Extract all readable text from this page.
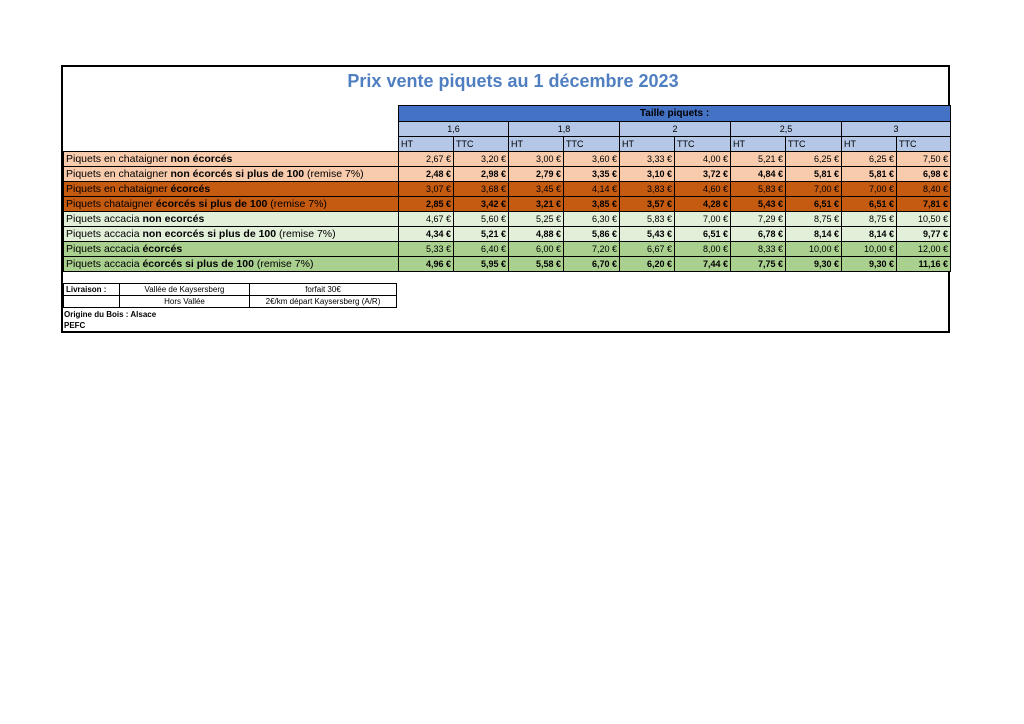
Prix vente piquets au 1 décembre 2023
	Taille piquets :									
	1,6		1,8		2		2,5		3	
	HT	TTC	HT	TTC	HT	TTC	HT	TTC	HT	TTC
Piquets en chataigner non écorcés	2,67 €	3,20 €	3,00 €	3,60 €	3,33 €	4,00 €	5,21 €	6,25 €	6,25 €	7,50 €
Piquets en chataigner non écorcés si plus de 100 (remise 7%)	2,48 €	2,98 €	2,79 €	3,35 €	3,10 €	3,72 €	4,84 €	5,81 €	5,81 €	6,98 €
Piquets en chataigner écorcés	3,07 €	3,68 €	3,45 €	4,14 €	3,83 €	4,60 €	5,83 €	7,00 €	7,00 €	8,40 €
Piquets chataigner écorcés si plus de 100 (remise 7%)	2,85 €	3,42 €	3,21 €	3,85 €	3,57 €	4,28 €	5,43 €	6,51 €	6,51 €	7,81 €
Piquets accacia non ecorcés	4,67 €	5,60 €	5,25 €	6,30 €	5,83 €	7,00 €	7,29 €	8,75 €	8,75 €	10,50 €
Piquets accacia non ecorcés si plus de 100 (remise 7%)	4,34 €	5,21 €	4,88 €	5,86 €	5,43 €	6,51 €	6,78 €	8,14 €	8,14 €	9,77 €
Piquets accacia écorcés	5,33 €	6,40 €	6,00 €	7,20 €	6,67 €	8,00 €	8,33 €	10,00 €	10,00 €	12,00 €
Piquets accacia écorcés si plus de 100 (remise 7%)	4,96 €	5,95 €	5,58 €	6,70 €	6,20 €	7,44 €	7,75 €	9,30 €	9,30 €	11,16 €
Livraison :	Vallée de Kaysersberg	forfait 30€
	Hors Vallée	2€/km départ Kaysersberg (A/R)
Origine du Bois : Alsace
PEFC
